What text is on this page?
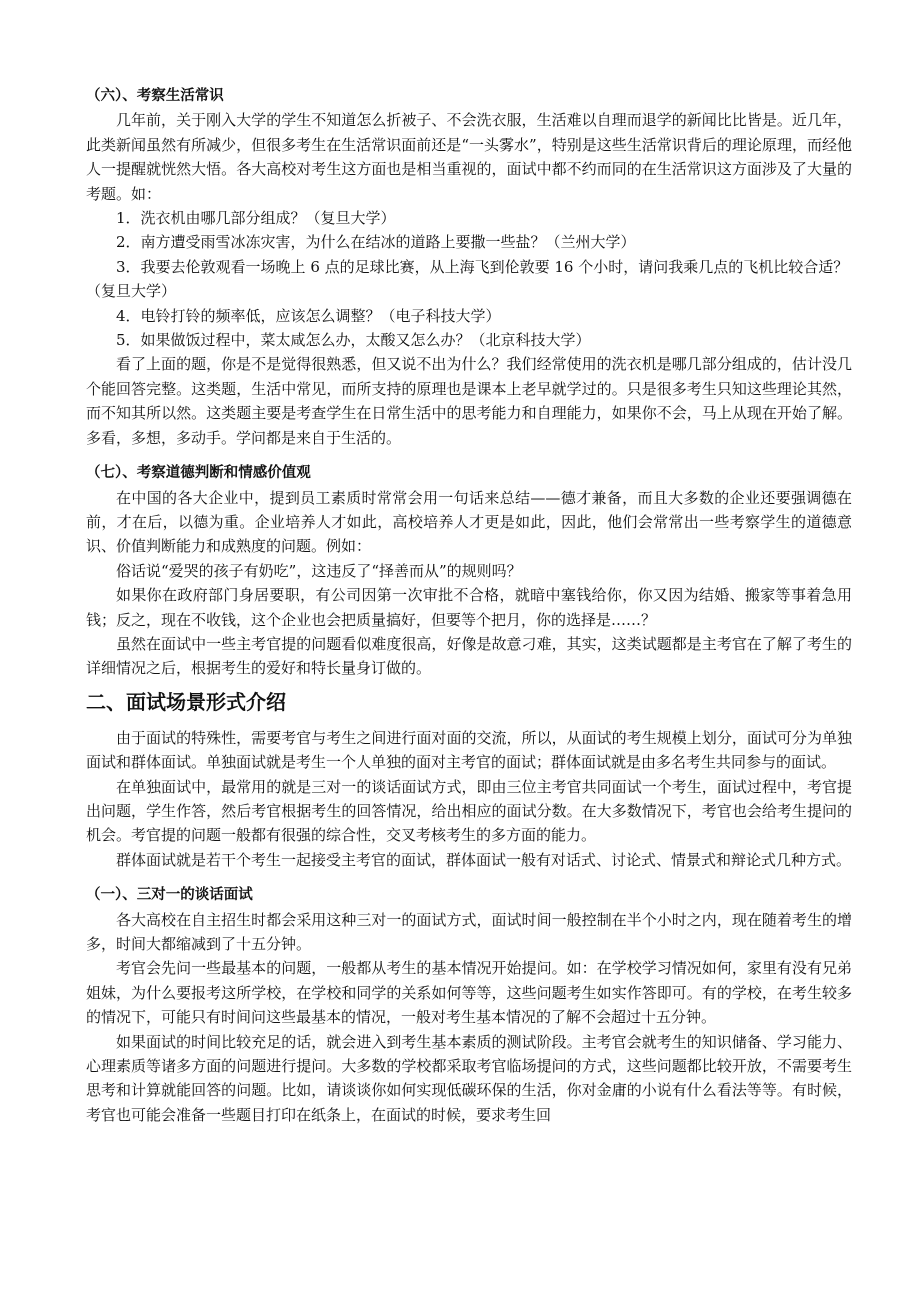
（六）、考察生活常识

几年前，关于刚入大学的学生不知道怎么折被子、不会洗衣服，生活难以自理而退学的新闻比比皆是。近几年，此类新闻虽然有所减少，但很多考生在生活常识面前还是“一头雾水”，特别是这些生活常识背后的理论原理，而经他人一提醒就恍然大悟。各大高校对考生这方面也是相当重视的，面试中都不约而同的在生活常识这方面涉及了大量的考题。如：

1．洗衣机由哪几部分组成？（复旦大学）

2．南方遭受雨雪冰冻灾害，为什么在结冰的道路上要撒一些盐？（兰州大学）

3．我要去伦敦观看一场晚上 6 点的足球比赛，从上海飞到伦敦要 16 个小时，请问我乘几点的飞机比较合适？（复旦大学）

4．电铃打铃的频率低，应该怎么调整？（电子科技大学）

5．如果做饭过程中，菜太咸怎么办，太酸又怎么办？（北京科技大学）

看了上面的题，你是不是觉得很熟悉，但又说不出为什么？我们经常使用的洗衣机是哪几部分组成的，估计没几个能回答完整。这类题，生活中常见，而所支持的原理也是课本上老早就学过的。只是很多考生只知这些理论其然，而不知其所以然。这类题主要是考查学生在日常生活中的思考能力和自理能力，如果你不会，马上从现在开始了解。多看，多想，多动手。学问都是来自于生活的。

（七）、考察道德判断和情感价值观

在中国的各大企业中，提到员工素质时常常会用一句话来总结——德才兼备，而且大多数的企业还要强调德在前，才在后，以德为重。企业培养人才如此，高校培养人才更是如此，因此，他们会常常出一些考察学生的道德意识、价值判断能力和成熟度的问题。例如：

俗话说“爱哭的孩子有奶吃”，这违反了“择善而从”的规则吗？

如果你在政府部门身居要职，有公司因第一次审批不合格，就暗中塞钱给你，你又因为结婚、搬家等事着急用钱；反之，现在不收钱，这个企业也会把质量搞好，但要等个把月，你的选择是……？

虽然在面试中一些主考官提的问题看似难度很高，好像是故意刁难，其实，这类试题都是主考官在了解了考生的详细情况之后，根据考生的爱好和特长量身订做的。

二、面试场景形式介绍

由于面试的特殊性，需要考官与考生之间进行面对面的交流，所以，从面试的考生规模上划分，面试可分为单独面试和群体面试。单独面试就是考生一个人单独的面对主考官的面试；群体面试就是由多名考生共同参与的面试。

在单独面试中，最常用的就是三对一的谈话面试方式，即由三位主考官共同面试一个考生，面试过程中，考官提出问题，学生作答，然后考官根据考生的回答情况，给出相应的面试分数。在大多数情况下，考官也会给考生提问的机会。考官提的问题一般都有很强的综合性，交叉考核考生的多方面的能力。

群体面试就是若干个考生一起接受主考官的面试，群体面试一般有对话式、讨论式、情景式和辩论式几种方式。

（一）、三对一的谈话面试

各大高校在自主招生时都会采用这种三对一的面试方式，面试时间一般控制在半个小时之内，现在随着考生的增多，时间大都缩减到了十五分钟。

考官会先问一些最基本的问题，一般都从考生的基本情况开始提问。如：在学校学习情况如何，家里有没有兄弟姐妹，为什么要报考这所学校，在学校和同学的关系如何等等，这些问题考生如实作答即可。有的学校，在考生较多的情况下，可能只有时间问这些最基本的情况，一般对考生基本情况的了解不会超过十五分钟。

如果面试的时间比较充足的话，就会进入到考生基本素质的测试阶段。主考官会就考生的知识储备、学习能力、心理素质等诸多方面的问题进行提问。大多数的学校都采取考官临场提问的方式，这些问题都比较开放，不需要考生思考和计算就能回答的问题。比如，请谈谈你如何实现低碳环保的生活，你对金庸的小说有什么看法等等。有时候，考官也可能会准备一些题目打印在纸条上，在面试的时候，要求考生回
